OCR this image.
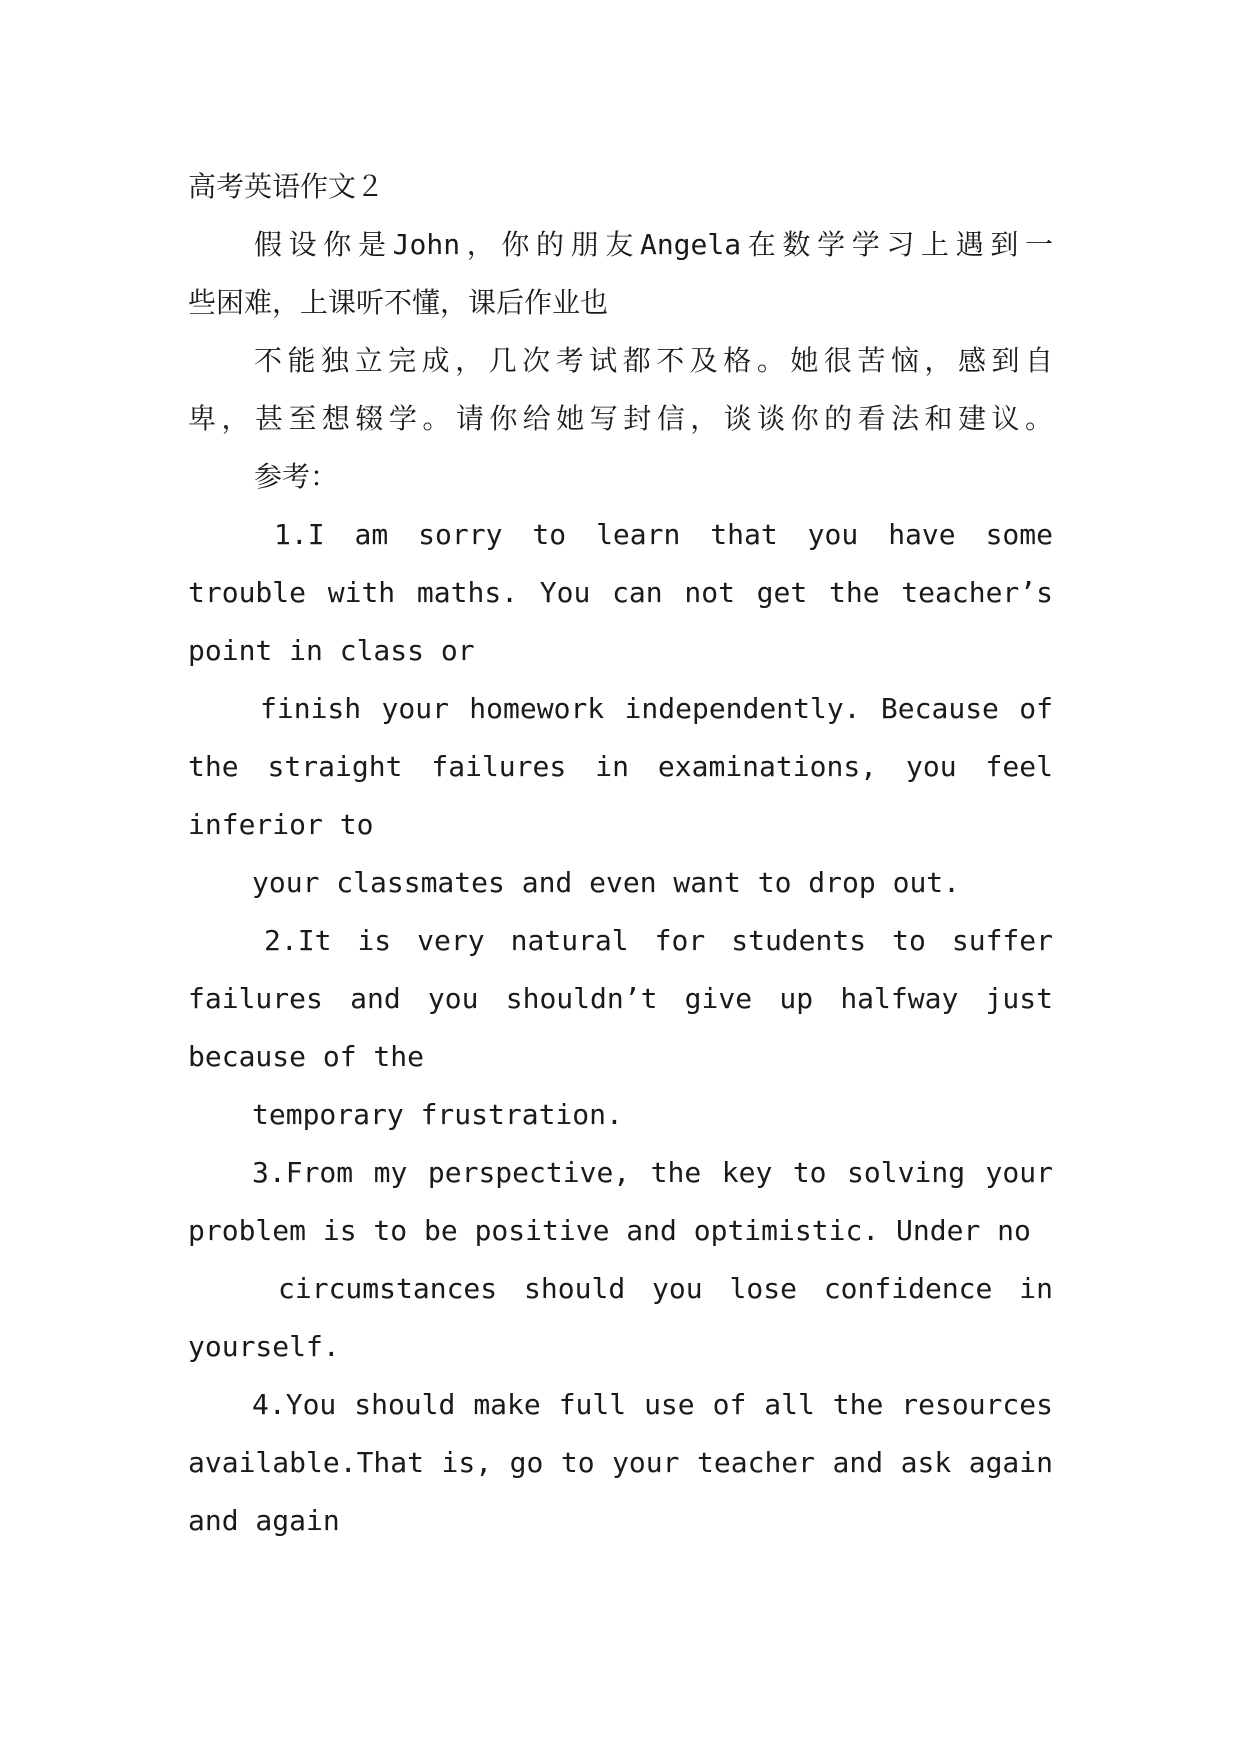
高考英语作文２
假设你是John，你的朋友Angela在数学学习上遇到一
些困难，上课听不懂，课后作业也
不能独立完成，几次考试都不及格。她很苦恼，感到自
卑，甚至想辍学。请你给她写封信，谈谈你的看法和建议。
参考：
1.I am sorry to learn that you have some
trouble with maths. You can not get the teacher’s
point in class or
finish your homework independently. Because of
the straight failures in examinations, you feel
inferior to
your classmates and even want to drop out.
2.It is very natural for students to suffer
failures and you shouldn’t give up halfway just
because of the
temporary frustration.
3.From my perspective, the key to solving your
problem is to be positive and optimistic. Under no
circumstances should you lose confidence in
yourself.
4.You should make full use of all the resources
available.That is, go to your teacher and ask again
and again
